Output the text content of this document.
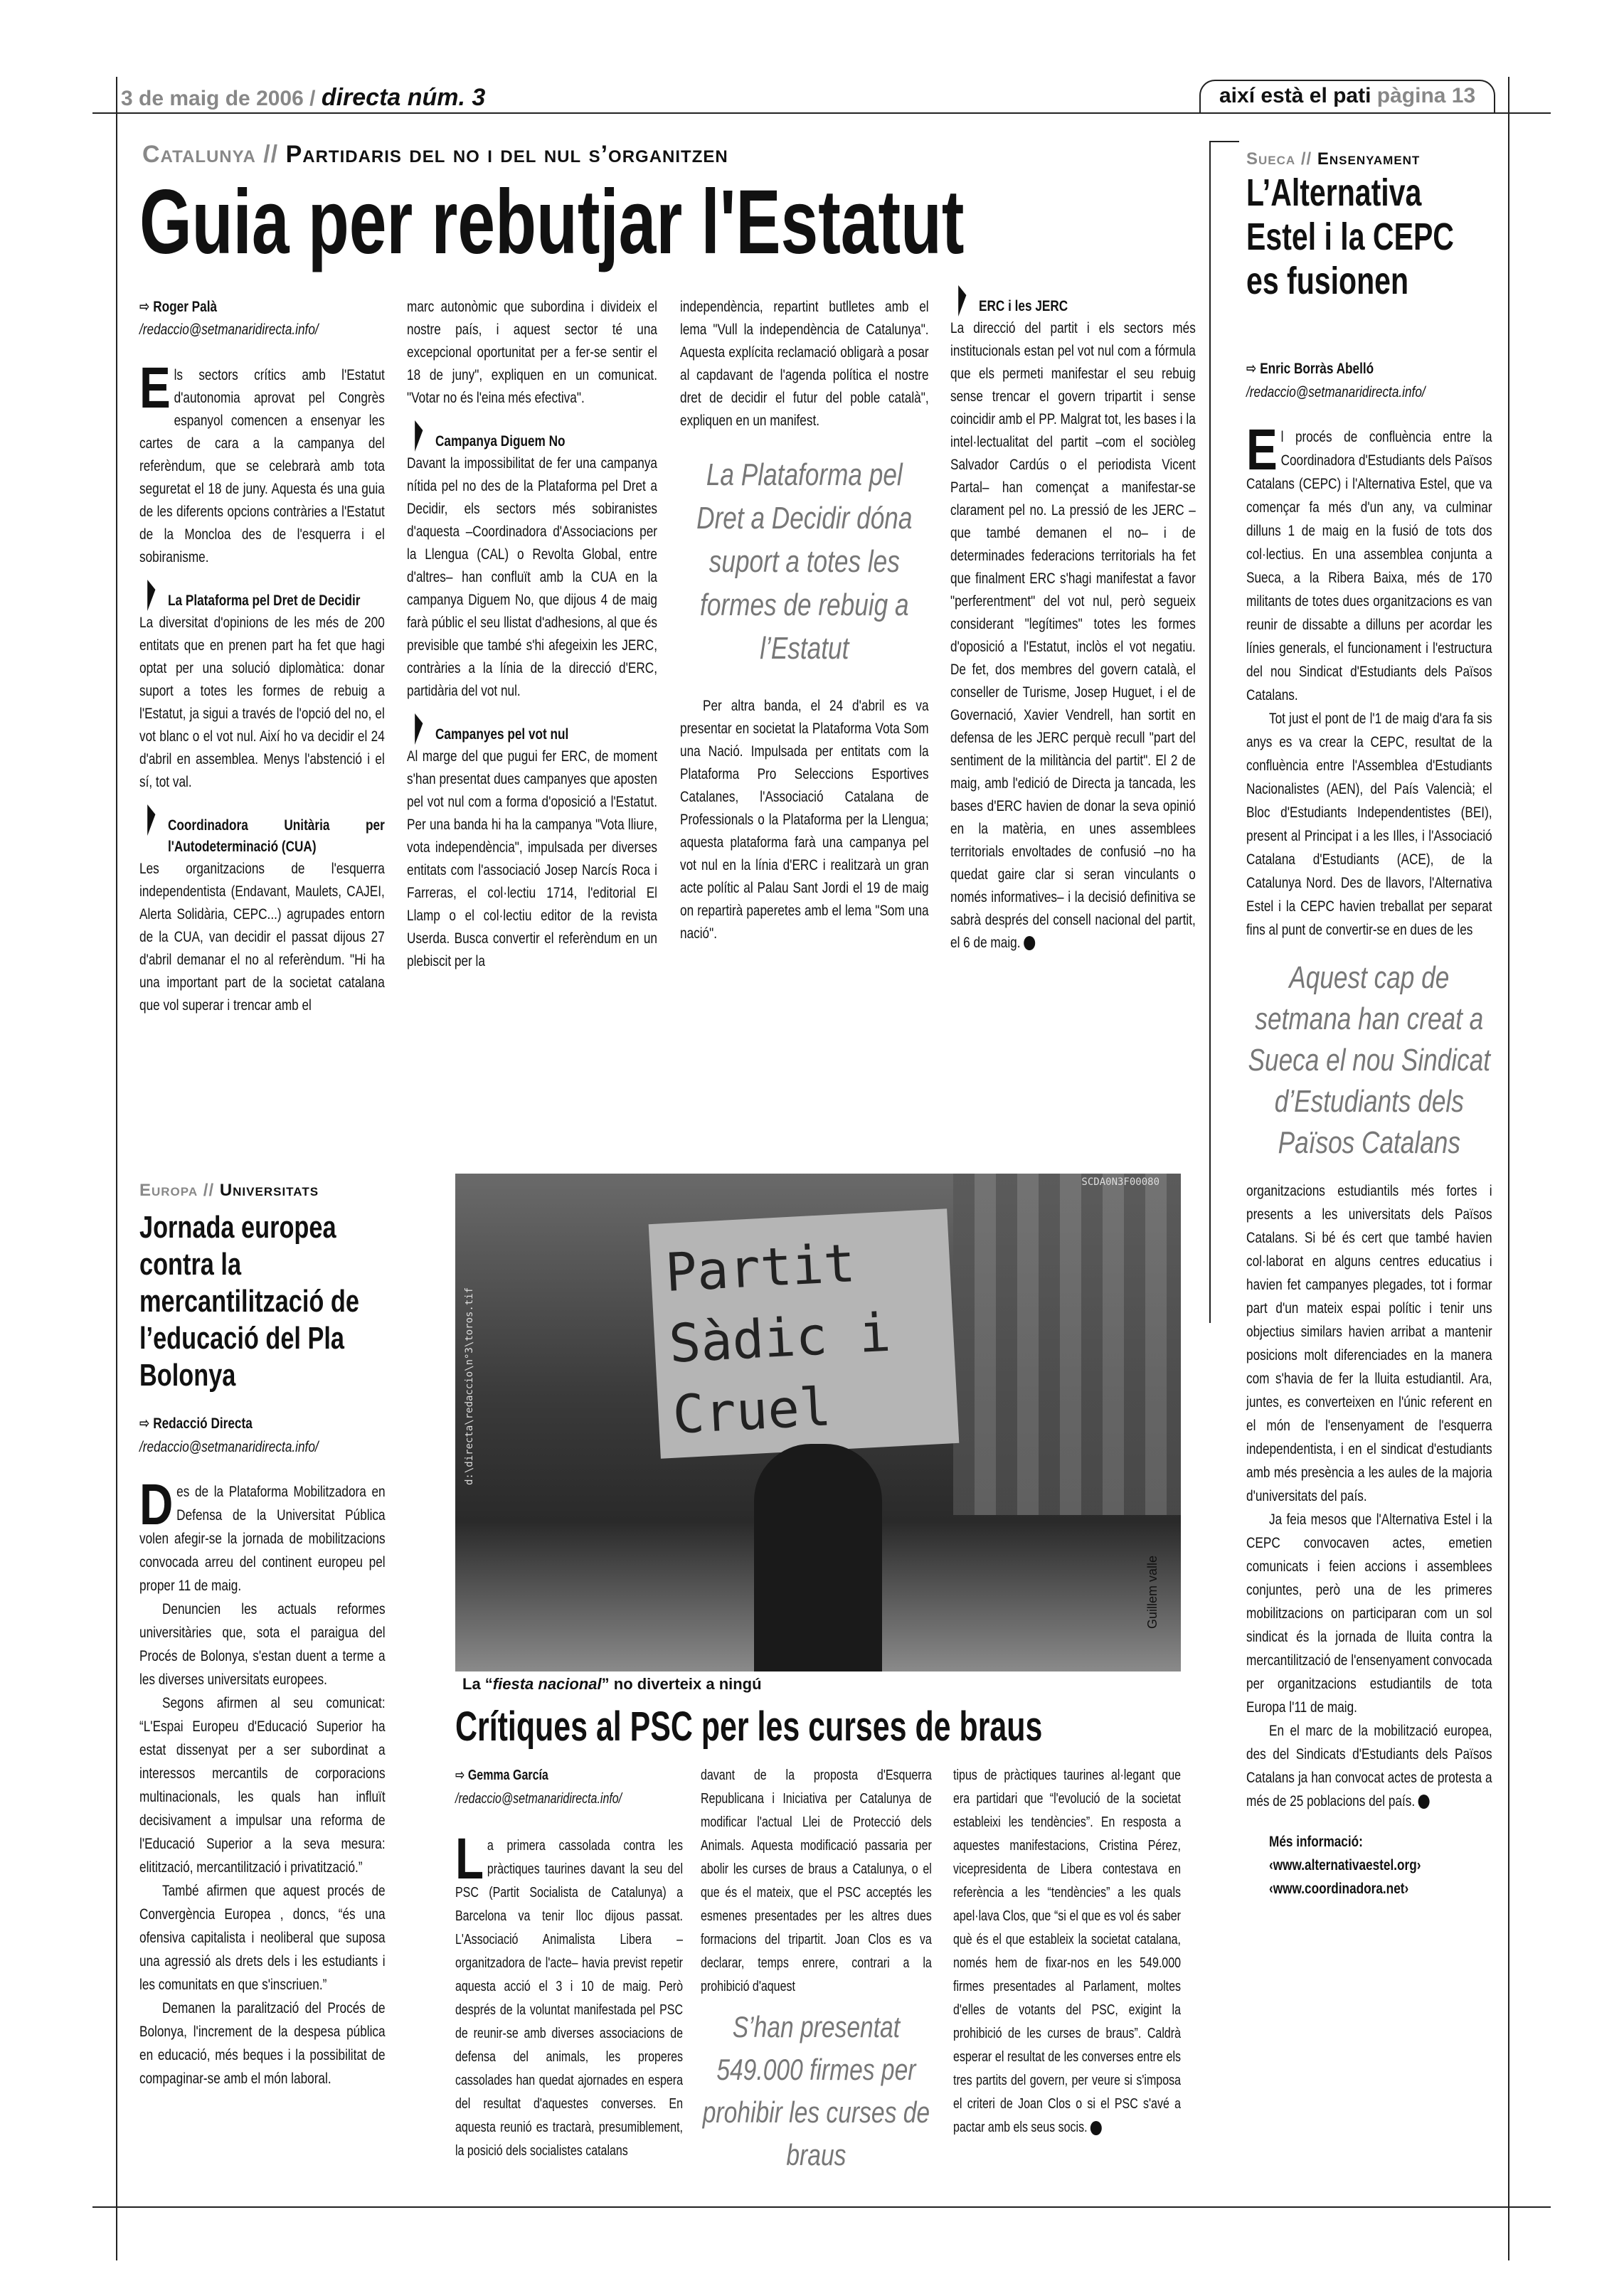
3 de maig de 2006 / directa núm. 3	així està el pati pàgina 13
Catalunya // Partidaris del no i del nul s’organitzen
Guia per rebutjar l'Estatut
⇨ Roger Palà
/redaccio@setmanaridirecta.info/

Els sectors crítics amb l'Estatut d'autonomia aprovat pel Congrès espanyol comencen a ensenyar les cartes de cara a la campanya del referèndum, que se celebrarà amb tota seguretat el 18 de juny. Aquesta és una guia de les diferents opcions contràries a l'Estatut de la Moncloa des de l'esquerra i el sobiranisme.

La Plataforma pel Dret de Decidir

La diversitat d'opinions de les més de 200 entitats que en prenen part ha fet que hagi optat per una solució diplomàtica: donar suport a totes les formes de rebuig a l'Estatut, ja sigui a través de l'opció del no, el vot blanc o el vot nul. Així ho va decidir el 24 d'abril en assemblea. Menys l'abstenció i el sí, tot val.

Coordinadora Unitària per l'Autodeterminació (CUA)

Les organitzacions de l'esquerra independentista (Endavant, Maulets, CAJEI, Alerta Solidària, CEPC...) agrupades entorn de la CUA, van decidir el passat dijous 27 d'abril demanar el no al referèndum. "Hi ha una important part de la societat catalana que vol superar i trencar amb el

marc autonòmic que subordina i divideix el nostre país, i aquest sector té una excepcional oportunitat per a fer-se sentir el 18 de juny", expliquen en un comunicat. "Votar no és l'eina més efectiva".

Campanya Diguem No

Davant la impossibilitat de fer una campanya nítida pel no des de la Plataforma pel Dret a Decidir, els sectors més sobiranistes d'aquesta –Coordinadora d'Associacions per la Llengua (CAL) o Revolta Global, entre d'altres– han confluït amb la CUA en la campanya Diguem No, que dijous 4 de maig farà públic el seu llistat d'adhesions, al que és previsible que també s'hi afegeixin les JERC, contràries a la línia de la direcció d'ERC, partidària del vot nul.

Campanyes pel vot nul

Al marge del que pugui fer ERC, de moment s'han presentat dues campanyes que aposten pel vot nul com a forma d'oposició a l'Estatut. Per una banda hi ha la campanya "Vota lliure, vota independència", impulsada per diverses entitats com l'associació Josep Narcís Roca i Farreras, el col·lectiu 1714, l'editorial El Llamp o el col·lectiu editor de la revista Userda. Busca convertir el referèndum en un plebiscit per la

independència, repartint butlletes amb el lema "Vull la independència de Catalunya". Aquesta explícita reclamació obligarà a posar al capdavant de l'agenda política el nostre dret de decidir el futur del poble català", expliquen en un manifest.

La Plataforma pel Dret a Decidir dóna suport a totes les formes de rebuig a l’Estatut

Per altra banda, el 24 d'abril es va presentar en societat la Plataforma Vota Som una Nació. Impulsada per entitats com la Plataforma Pro Seleccions Esportives Catalanes, l'Associació Catalana de Professionals o la Plataforma per la Llengua; aquesta plataforma farà una campanya pel vot nul en la línia d'ERC i realitzarà un gran acte polític al Palau Sant Jordi el 19 de maig on repartirà paperetes amb el lema "Som una nació".

ERC i les JERC

La direcció del partit i els sectors més institucionals estan pel vot nul com a fórmula que els permeti manifestar el seu rebuig sense trencar el govern tripartit i sense coincidir amb el PP. Malgrat tot, les bases i la intel·lectualitat del partit –com el sociòleg Salvador Cardús o el periodista Vicent Partal– han començat a manifestar-se clarament pel no. La pressió de les JERC –que també demanen el no– i de determinades federacions territorials ha fet que finalment ERC s'hagi manifestat a favor "perferentment" del vot nul, però segueix considerant "legítimes" totes les formes d'oposició a l'Estatut, inclòs el vot negatiu. De fet, dos membres del govern català, el conseller de Turisme, Josep Huguet, i el de Governació, Xavier Vendrell, han sortit en defensa de les JERC perquè recull "part del sentiment de la militància del partit". El 2 de maig, amb l'edició de Directa ja tancada, les bases d'ERC havien de donar la seva opinió en la matèria, en unes assemblees territorials envoltades de confusió –no ha quedat gaire clar si seran vinculants o només informatives– i la decisió definitiva se sabrà després del consell nacional del partit, el 6 de maig.

Sueca // Ensenyament
L’Alternativa Estel i la CEPC es fusionen
⇨ Enric Borràs Abelló
/redaccio@setmanaridirecta.info/

El procés de confluència entre la Coordinadora d'Estudiants dels Països Catalans (CEPC) i l'Alternativa Estel, que va començar fa més d'un any, va culminar dilluns 1 de maig en la fusió de tots dos col·lectius. En una assemblea conjunta a Sueca, a la Ribera Baixa, més de 170 militants de totes dues organitzacions es van reunir de dissabte a dilluns per acordar les línies generals, el funcionament i l'estructura del nou Sindicat d'Estudiants dels Països Catalans.

Tot just el pont de l'1 de maig d'ara fa sis anys es va crear la CEPC, resultat de la confluència entre l'Assemblea d'Estudiants Nacionalistes (AEN), del País Valencià; el Bloc d'Estudiants Independentistes (BEI), present al Principat i a les Illes, i l'Associació Catalana d'Estudiants (ACE), de la Catalunya Nord. Des de llavors, l'Alternativa Estel i la CEPC havien treballat per separat fins al punt de convertir-se en dues de les

Aquest cap de setmana han creat a Sueca el nou Sindicat d’Estudiants dels Països Catalans

organitzacions estudiantils més fortes i presents a les universitats dels Països Catalans. Si bé és cert que també havien col·laborat en alguns centres educatius i havien fet campanyes plegades, tot i formar part d'un mateix espai polític i tenir uns objectius similars havien arribat a mantenir posicions molt diferenciades en la manera com s'havia de fer la lluita estudiantil. Ara, juntes, es converteixen en l'únic referent en el món de l'ensenyament de l'esquerra independentista, i en el sindicat d'estudiants amb més presència a les aules de la majoria d'universitats del país.

Ja feia mesos que l'Alternativa Estel i la CEPC convocaven actes, emetien comunicats i feien accions i assemblees conjuntes, però una de les primeres mobilitzacions on participaran com un sol sindicat és la jornada de lluita contra la mercantilització de l'ensenyament convocada per organitzacions estudiantils de tota Europa l'11 de maig.

En el marc de la mobilització europea, des del Sindicats d'Estudiants dels Països Catalans ja han convocat actes de protesta a més de 25 poblacions del país.

Més informació:
‹www.alternativaestel.org›
‹www.coordinadora.net›
Europa // Universitats
Jornada europea contra la mercantilització de l’educació del Pla Bolonya
⇨ Redacció Directa
/redaccio@setmanaridirecta.info/

Des de la Plataforma Mobilitzadora en Defensa de la Universitat Pública volen afegir-se la jornada de mobilitzacions convocada arreu del continent europeu pel proper 11 de maig.

Denuncien les actuals reformes universitàries que, sota el paraigua del Procés de Bolonya, s'estan duent a terme a les diverses universitats europees.

Segons afirmen al seu comunicat: “L'Espai Europeu d'Educació Superior ha estat dissenyat per a ser subordinat a interessos mercantils de corporacions multinacionals, les quals han influït decisivament a impulsar una reforma de l'Educació Superior a la seva mesura: elitització, mercantilització i privatització.”

També afirmen que aquest procés de Convergència Europea , doncs, “és una ofensiva capitalista i neoliberal que suposa una agressió als drets dels i les estudiants i les comunitats en que s'inscriuen.”

Demanen la paralització del Procés de Bolonya, l'increment de la despesa pública en educació, més beques i la possibilitat de compaginar-se amb el món laboral.

Partit
Sàdic i
Cruel
SCDA0N3F00080
d:\directa\redaccio\n°3\toros.tif
Guillem valle
La “fiesta nacional” no diverteix a ningú
Crítiques al PSC per les curses de braus
⇨ Gemma García
/redaccio@setmanaridirecta.info/

La primera cassolada contra les pràctiques taurines davant la seu del PSC (Partit Socialista de Catalunya) a Barcelona va tenir lloc dijous passat. L'Associació Animalista Libera –organitzadora de l'acte– havia previst repetir aquesta acció el 3 i 10 de maig. Però després de la voluntat manifestada pel PSC de reunir-se amb diverses associacions de defensa del animals, les properes cassolades han quedat ajornades en espera del resultat d'aquestes converses. En aquesta reunió es tractarà, presumiblement, la posició dels socialistes catalans

davant de la proposta d'Esquerra Republicana i Iniciativa per Catalunya de modificar l'actual Llei de Protecció dels Animals. Aquesta modificació passaria per abolir les curses de braus a Catalunya, o el que és el mateix, que el PSC acceptés les esmenes presentades per les altres dues formacions del tripartit. Joan Clos es va declarar, temps enrere, contrari a la prohibició d'aquest

S’han presentat 549.000 firmes per prohibir les curses de braus

tipus de pràctiques taurines al·legant que era partidari que “l'evolució de la societat estableixi les tendències”. En resposta a aquestes manifestacions, Cristina Pérez, vicepresidenta de Libera contestava en referència a les “tendències” a les quals apel·lava Clos, que “si el que es vol és saber què és el que estableix la societat catalana, només hem de fixar-nos en les 549.000 firmes presentades al Parlament, moltes d'elles de votants del PSC, exigint la prohibició de les curses de braus”. Caldrà esperar el resultat de les converses entre els tres partits del govern, per veure si s'imposa el criteri de Joan Clos o si el PSC s'avé a pactar amb els seus socis.
